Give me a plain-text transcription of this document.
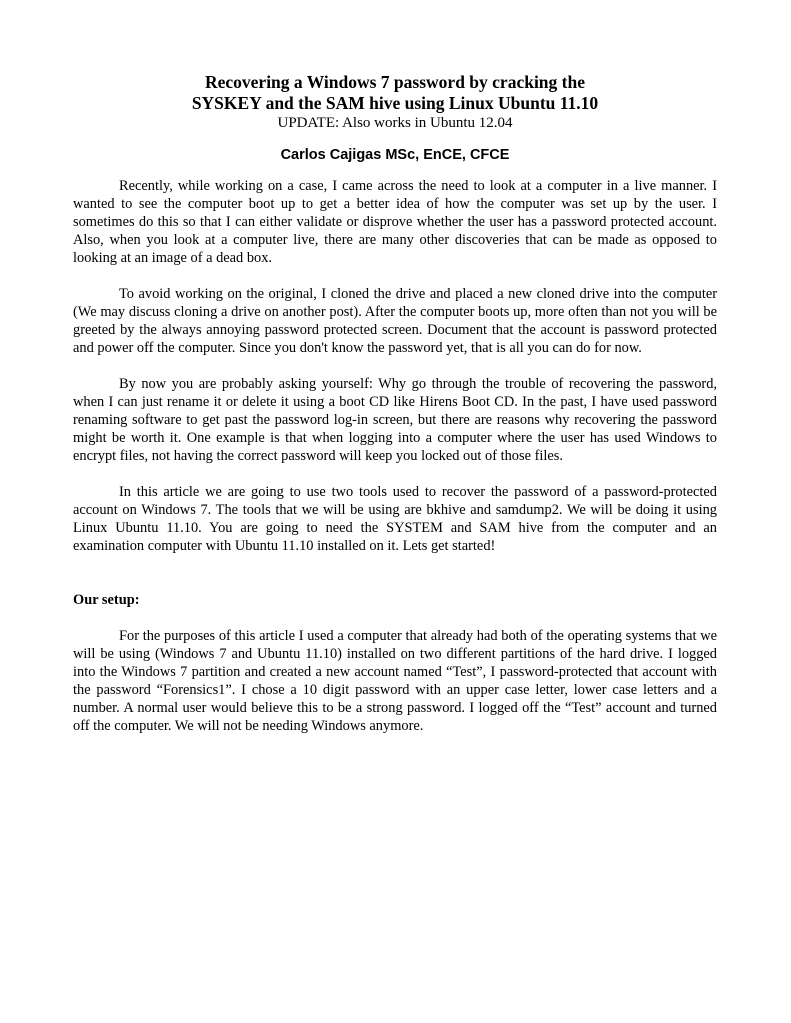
Recovering a Windows 7 password by cracking the

SYSKEY and the SAM hive using Linux Ubuntu 11.10

UPDATE: Also works in Ubuntu 12.04

Carlos Cajigas MSc, EnCE, CFCE

Recently, while working on a case, I came across the need to look at a computer in a live manner. I wanted to see the computer boot up to get a better idea of how the computer was set up by the user. I sometimes do this so that I can either validate or disprove whether the user has a password protected account. Also, when you look at a computer live, there are many other discoveries that can be made as opposed to looking at an image of a dead box.

To avoid working on the original, I cloned the drive and placed a new cloned drive into the computer (We may discuss cloning a drive on another post). After the computer boots up, more often than not you will be greeted by the always annoying password protected screen. Document that the account is password protected and power off the computer. Since you don't know the password yet, that is all you can do for now.

By now you are probably asking yourself: Why go through the trouble of recovering the password, when I can just rename it or delete it using a boot CD like Hirens Boot CD. In the past, I have used password renaming software to get past the password log-in screen, but there are reasons why recovering the password might be worth it. One example is that when logging into a computer where the user has used Windows to encrypt files, not having the correct password will keep you locked out of those files.

In this article we are going to use two tools used to recover the password of a password-protected account on Windows 7. The tools that we will be using are bkhive and samdump2. We will be doing it using Linux Ubuntu 11.10. You are going to need the SYSTEM and SAM hive from the computer and an examination computer with Ubuntu 11.10 installed on it. Lets get started!

Our setup:

For the purposes of this article I used a computer that already had both of the operating systems that we will be using (Windows 7 and Ubuntu 11.10) installed on two different partitions of the hard drive. I logged into the Windows 7 partition and created a new account named “Test”, I password-protected that account with the password “Forensics1”. I chose a 10 digit password with an upper case letter, lower case letters and a number. A normal user would believe this to be a strong password. I logged off the “Test” account and turned off the computer. We will not be needing Windows anymore.
